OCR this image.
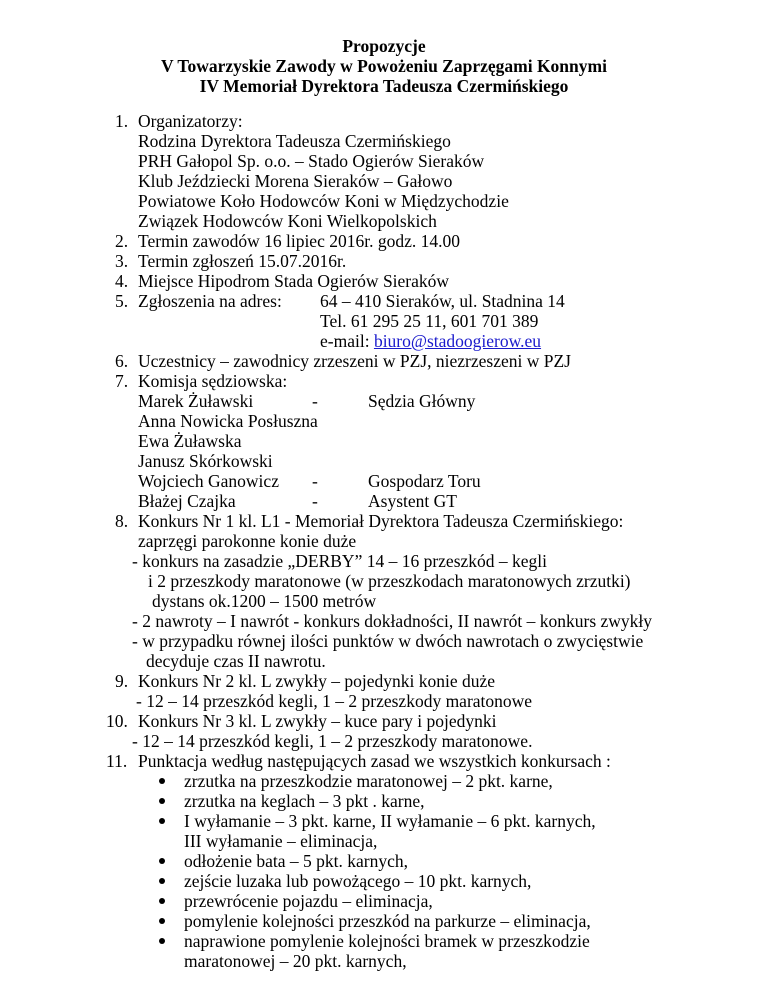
Propozycje
V Towarzyskie Zawody w Powożeniu Zaprzęgami Konnymi
IV Memoriał Dyrektora Tadeusza Czermińskiego
1. Organizatorzy:
Rodzina Dyrektora Tadeusza Czermińskiego
PRH Gałopol Sp. o.o. – Stado Ogierów Sieraków
Klub Jeździecki Morena Sieraków – Gałowo
Powiatowe Koło Hodowców Koni w Międzychodzie
Związek Hodowców Koni Wielkopolskich
2. Termin zawodów 16 lipiec 2016r. godz. 14.00
3. Termin zgłoszeń 15.07.2016r.
4. Miejsce Hipodrom Stada Ogierów Sieraków
5. Zgłoszenia na adres: 64 – 410 Sieraków, ul. Stadnina 14
Tel. 61 295 25 11, 601 701 389
e-mail: biuro@stadoogierow.eu
6. Uczestnicy – zawodnicy zrzeszeni w PZJ, niezrzeszeni w PZJ
7. Komisja sędziowska:
Marek Żuławski	-	Sędzia Główny
Anna Nowicka Posłuszna
Ewa Żuławska
Janusz Skórkowski
Wojciech Ganowicz -	Gospodarz Toru
Błażej Czajka	-	Asystent GT
8. Konkurs Nr 1 kl. L1 - Memoriał Dyrektora Tadeusza Czermińskiego:
zaprzęgi parokonne konie duże
- konkurs na zasadzie „DERBY” 14 – 16 przeszkód – kegli
i 2 przeszkody maratonowe (w przeszkodach maratonowych zrzutki)
dystans ok.1200 – 1500 metrów
- 2 nawroty – I nawrót - konkurs dokładności, II nawrót – konkurs zwykły
- w przypadku równej ilości punktów w dwóch nawrotach o zwycięstwie
decyduje czas II nawrotu.
9. Konkurs Nr 2 kl. L zwykły – pojedynki konie duże
- 12 – 14 przeszkód kegli, 1 – 2 przeszkody maratonowe
10. Konkurs Nr 3 kl. L zwykły – kuce pary i pojedynki
- 12 – 14 przeszkód kegli, 1 – 2 przeszkody maratonowe.
11. Punktacja według następujących zasad we wszystkich konkursach :
zrzutka na przeszkodzie maratonowej – 2 pkt. karne,
zrzutka na keglach – 3 pkt . karne,
I wyłamanie – 3 pkt. karne, II wyłamanie – 6 pkt. karnych,
III wyłamanie – eliminacja,
odłożenie bata – 5 pkt. karnych,
zejście luzaka lub powożącego – 10 pkt. karnych,
przewrócenie pojazdu – eliminacja,
pomylenie kolejności przeszkód na parkurze – eliminacja,
naprawione pomylenie kolejności bramek w przeszkodzie
maratonowej – 20 pkt. karnych,
